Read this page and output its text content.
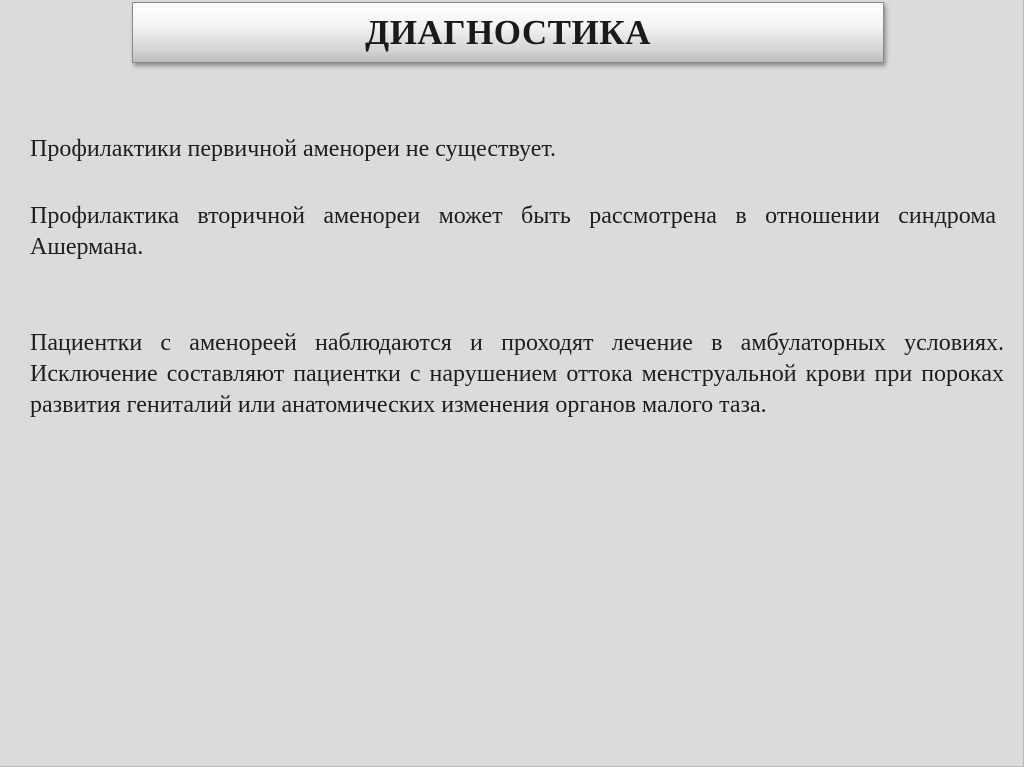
ДИАГНОСТИКА

Профилактики первичной аменореи не существует.

Профилактика вторичной аменореи может быть рассмотрена в отношении синдрома Ашермана.

Пациентки с аменореей наблюдаются и проходят лечение в амбулаторных условиях. Исключение составляют пациентки с нарушением оттока менструальной крови при пороках развития гениталий или анатомических изменения органов малого таза.
